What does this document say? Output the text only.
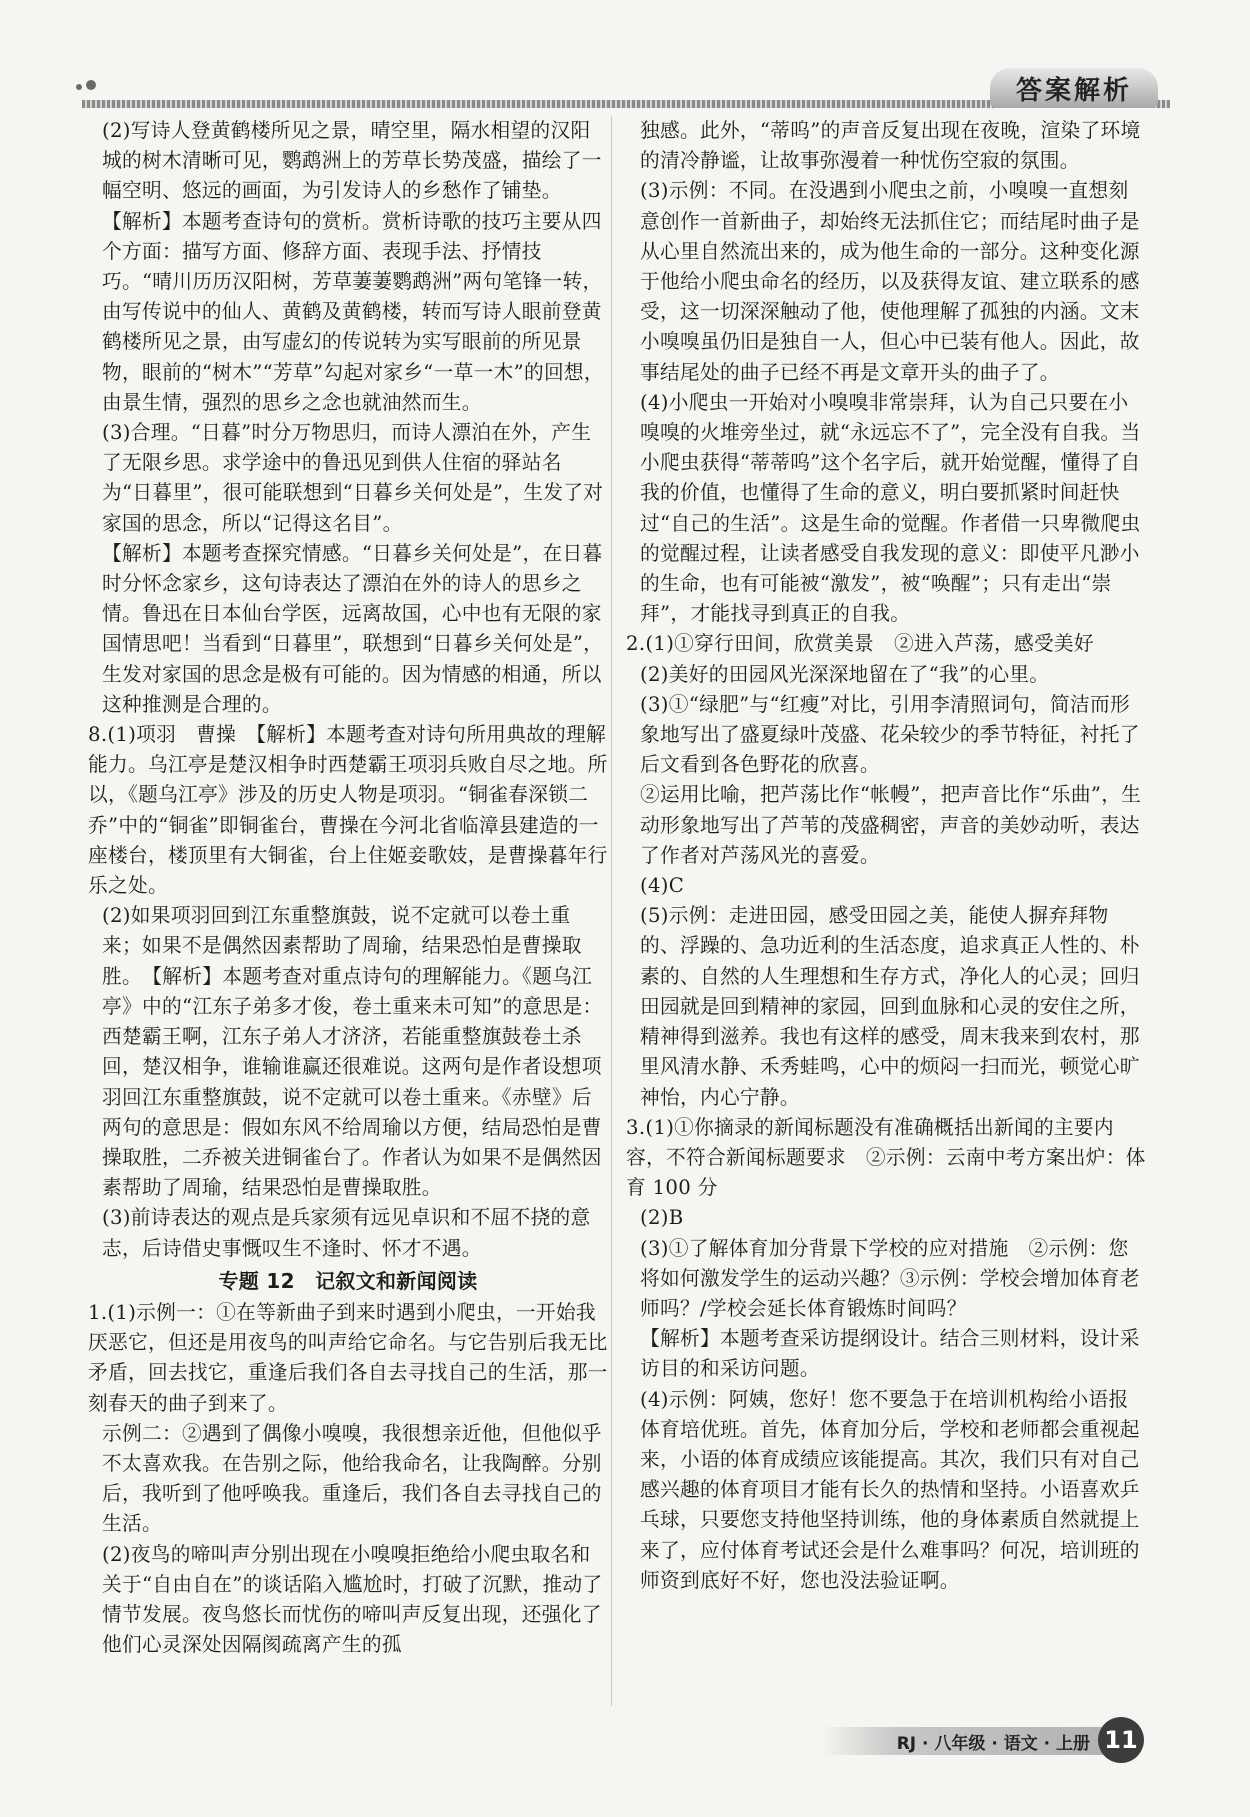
答案解析

(2)写诗人登黄鹤楼所见之景，晴空里，隔水相望的汉阳城的树木清晰可见，鹦鹉洲上的芳草长势茂盛，描绘了一幅空明、悠远的画面，为引发诗人的乡愁作了铺垫。 【解析】本题考查诗句的赏析。赏析诗歌的技巧主要从四个方面：描写方面、修辞方面、表现手法、抒情技巧。“晴川历历汉阳树，芳草萋萋鹦鹉洲”两句笔锋一转，由写传说中的仙人、黄鹤及黄鹤楼，转而写诗人眼前登黄鹤楼所见之景，由写虚幻的传说转为实写眼前的所见景物，眼前的“树木”“芳草”勾起对家乡“一草一木”的回想，由景生情，强烈的思乡之念也就油然而生。

(3)合理。“日暮”时分万物思归，而诗人漂泊在外，产生了无限乡思。求学途中的鲁迅见到供人住宿的驿站名为“日暮里”，很可能联想到“日暮乡关何处是”，生发了对家国的思念，所以“记得这名目”。

【解析】本题考查探究情感。“日暮乡关何处是”，在日暮时分怀念家乡，这句诗表达了漂泊在外的诗人的思乡之情。鲁迅在日本仙台学医，远离故国，心中也有无限的家国情思吧！当看到“日暮里”，联想到“日暮乡关何处是”，生发对家国的思念是极有可能的。因为情感的相通，所以这种推测是合理的。

8.(1)项羽　曹操　【解析】本题考查对诗句所用典故的理解能力。乌江亭是楚汉相争时西楚霸王项羽兵败自尽之地。所以，《题乌江亭》涉及的历史人物是项羽。“铜雀春深锁二乔”中的“铜雀”即铜雀台，曹操在今河北省临漳县建造的一座楼台，楼顶里有大铜雀，台上住姬妾歌妓，是曹操暮年行乐之处。

(2)如果项羽回到江东重整旗鼓，说不定就可以卷土重来；如果不是偶然因素帮助了周瑜，结果恐怕是曹操取胜。　【解析】本题考查对重点诗句的理解能力。《题乌江亭》中的“江东子弟多才俊，卷土重来未可知”的意思是：西楚霸王啊，江东子弟人才济济，若能重整旗鼓卷土杀回，楚汉相争，谁输谁赢还很难说。这两句是作者设想项羽回江东重整旗鼓，说不定就可以卷土重来。《赤壁》后两句的意思是：假如东风不给周瑜以方便，结局恐怕是曹操取胜，二乔被关进铜雀台了。作者认为如果不是偶然因素帮助了周瑜，结果恐怕是曹操取胜。

(3)前诗表达的观点是兵家须有远见卓识和不屈不挠的意志，后诗借史事慨叹生不逢时、怀才不遇。

专题 12　记叙文和新闻阅读

1.(1)示例一：①在等新曲子到来时遇到小爬虫，一开始我厌恶它，但还是用夜鸟的叫声给它命名。与它告别后我无比矛盾，回去找它，重逢后我们各自去寻找自己的生活，那一刻春天的曲子到来了。

示例二：②遇到了偶像小嗅嗅，我很想亲近他，但他似乎不太喜欢我。在告别之际，他给我命名，让我陶醉。分别后，我听到了他呼唤我。重逢后，我们各自去寻找自己的生活。

(2)夜鸟的啼叫声分别出现在小嗅嗅拒绝给小爬虫取名和关于“自由自在”的谈话陷入尴尬时，打破了沉默，推动了情节发展。夜鸟悠长而忧伤的啼叫声反复出现，还强化了他们心灵深处因隔阂疏离产生的孤

独感。此外，“蒂呜”的声音反复出现在夜晚，渲染了环境的清冷静谧，让故事弥漫着一种忧伤空寂的氛围。

(3)示例：不同。在没遇到小爬虫之前，小嗅嗅一直想刻意创作一首新曲子，却始终无法抓住它；而结尾时曲子是从心里自然流出来的，成为他生命的一部分。这种变化源于他给小爬虫命名的经历，以及获得友谊、建立联系的感受，这一切深深触动了他，使他理解了孤独的内涵。文末小嗅嗅虽仍旧是独自一人，但心中已装有他人。因此，故事结尾处的曲子已经不再是文章开头的曲子了。

(4)小爬虫一开始对小嗅嗅非常崇拜，认为自己只要在小嗅嗅的火堆旁坐过，就“永远忘不了”，完全没有自我。当小爬虫获得“蒂蒂呜”这个名字后，就开始觉醒，懂得了自我的价值，也懂得了生命的意义，明白要抓紧时间赶快过“自己的生活”。这是生命的觉醒。作者借一只卑微爬虫的觉醒过程，让读者感受自我发现的意义：即使平凡渺小的生命，也有可能被“激发”，被“唤醒”；只有走出“崇拜”，才能找寻到真正的自我。

2.(1)①穿行田间，欣赏美景　②进入芦荡，感受美好

(2)美好的田园风光深深地留在了“我”的心里。

(3)①“绿肥”与“红瘦”对比，引用李清照词句，简洁而形象地写出了盛夏绿叶茂盛、花朵较少的季节特征，衬托了后文看到各色野花的欣喜。

②运用比喻，把芦荡比作“帐幔”，把声音比作“乐曲”，生动形象地写出了芦苇的茂盛稠密，声音的美妙动听，表达了作者对芦荡风光的喜爱。

(4)C

(5)示例：走进田园，感受田园之美，能使人摒弃拜物的、浮躁的、急功近利的生活态度，追求真正人性的、朴素的、自然的人生理想和生存方式，净化人的心灵；回归田园就是回到精神的家园，回到血脉和心灵的安住之所，精神得到滋养。我也有这样的感受，周末我来到农村，那里风清水静、禾秀蛙鸣，心中的烦闷一扫而光，顿觉心旷神怡，内心宁静。

3.(1)①你摘录的新闻标题没有准确概括出新闻的主要内容，不符合新闻标题要求　②示例：云南中考方案出炉：体育 100 分

(2)B

(3)①了解体育加分背景下学校的应对措施　②示例：您将如何激发学生的运动兴趣？③示例：学校会增加体育老师吗？/学校会延长体育锻炼时间吗？

【解析】本题考查采访提纲设计。结合三则材料，设计采访目的和采访问题。

(4)示例：阿姨，您好！您不要急于在培训机构给小语报体育培优班。首先，体育加分后，学校和老师都会重视起来，小语的体育成绩应该能提高。其次，我们只有对自己感兴趣的体育项目才能有长久的热情和坚持。小语喜欢乒乓球，只要您支持他坚持训练，他的身体素质自然就提上来了，应付体育考试还会是什么难事吗？何况，培训班的师资到底好不好，您也没法验证啊。

RJ · 八年级 · 语文 · 上册 11
